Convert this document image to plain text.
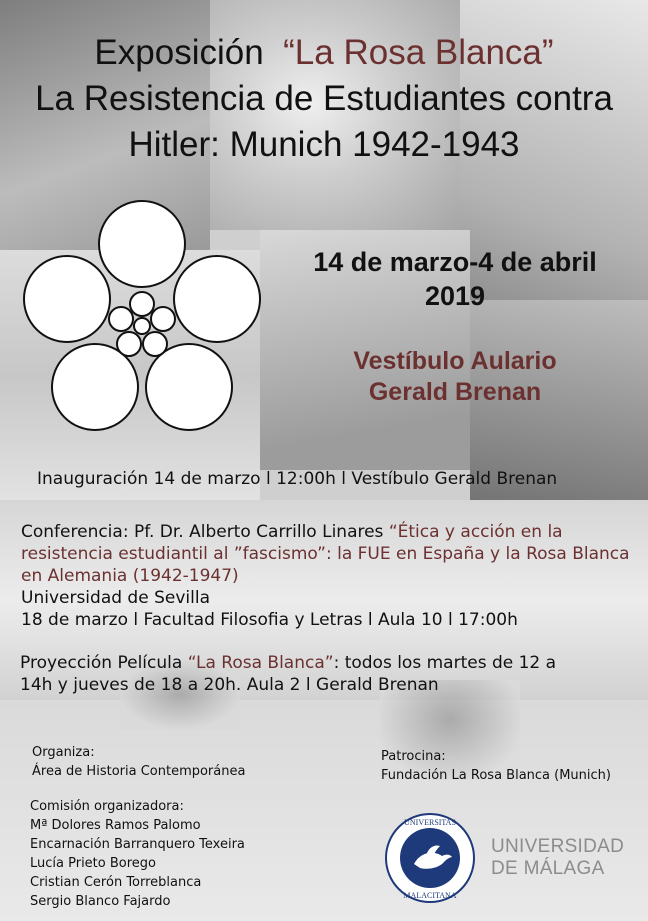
Exposición “La Rosa Blanca”
La Resistencia de Estudiantes contra
Hitler: Munich 1942-1943
14 de marzo-4 de abril
2019
Vestíbulo Aulario
Gerald Brenan
Inauguración 14 de marzo l 12:00h l Vestíbulo Gerald Brenan
Conferencia: Pf. Dr. Alberto Carrillo Linares “Ética y acción en la resistencia estudiantil al ”fascismo”: la FUE en España y la Rosa Blanca en Alemania (1942-1947)
Universidad de Sevilla
18 de marzo l Facultad Filosofia y Letras l Aula 10 l 17:00h
Proyección Película “La Rosa Blanca”: todos los martes de 12 a 14h y jueves de 18 a 20h. Aula 2 l Gerald Brenan
Organiza:
Área de Historia Contemporánea
Patrocina:
Fundación La Rosa Blanca (Munich)
Comisión organizadora:
Mª Dolores Ramos Palomo
Encarnación Barranquero Texeira
Lucía Prieto Borego
Cristian Cerón Torreblanca
Sergio Blanco Fajardo
UNIVERSITAS
MALACITANA
UNIVERSIDAD
DE MÁLAGA
